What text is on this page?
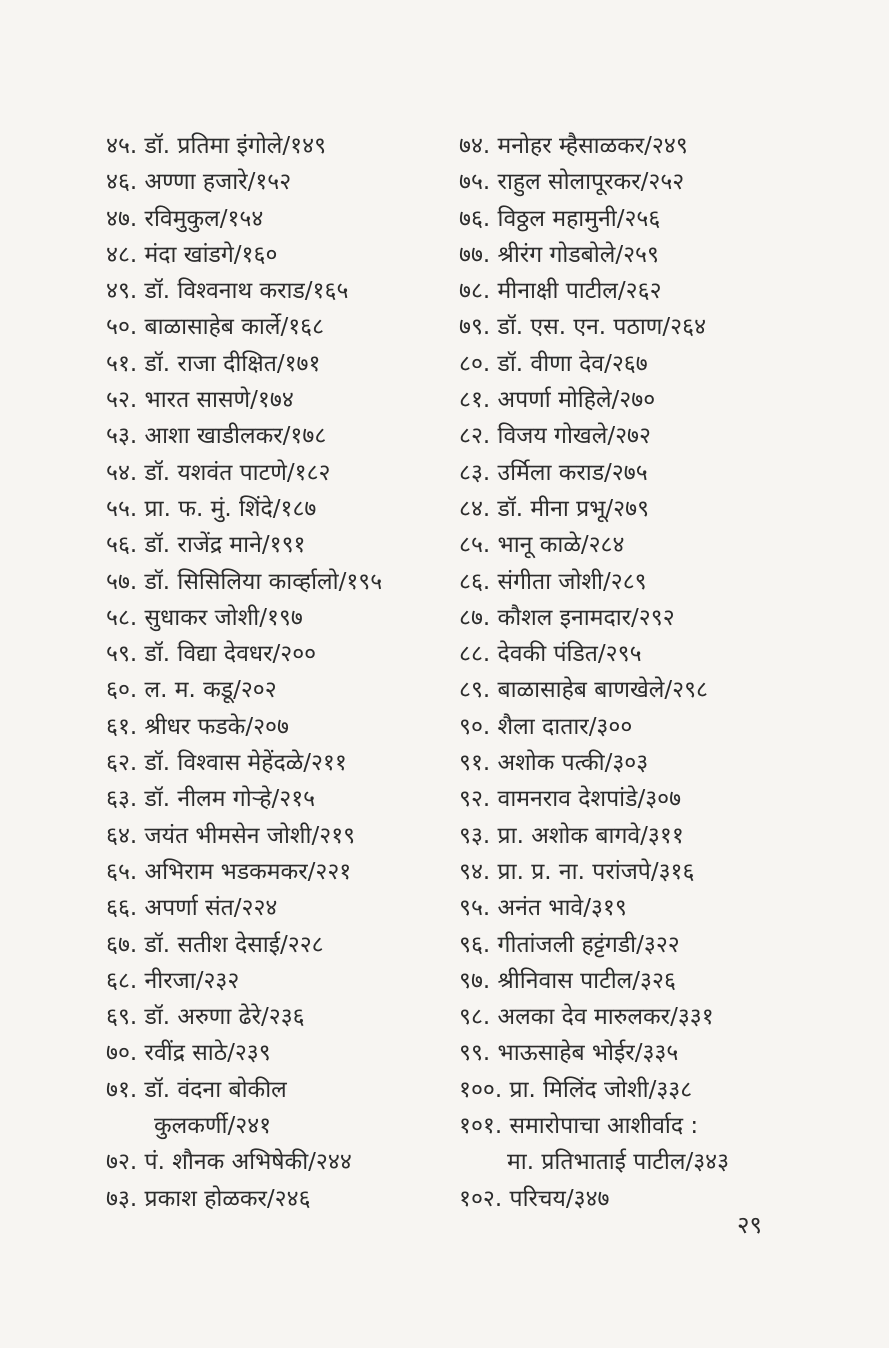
४५. डॉ. प्रतिमा इंगोले/१४९
४६. अण्णा हजारे/१५२
४७. रविमुकुल/१५४
४८. मंदा खांडगे/१६०
४९. डॉ. विश्वनाथ कराड/१६५
५०. बाळासाहेब कार्ले/१६८
५१. डॉ. राजा दीक्षित/१७१
५२. भारत सासणे/१७४
५३. आशा खाडीलकर/१७८
५४. डॉ. यशवंत पाटणे/१८२
५५. प्रा. फ. मुं. शिंदे/१८७
५६. डॉ. राजेंद्र माने/१९१
५७. डॉ. सिसिलिया कार्व्हालो/१९५
५८. सुधाकर जोशी/१९७
५९. डॉ. विद्या देवधर/२००
६०. ल. म. कडू/२०२
६१. श्रीधर फडके/२०७
६२. डॉ. विश्वास मेहेंदळे/२११
६३. डॉ. नीलम गोऱ्हे/२१५
६४. जयंत भीमसेन जोशी/२१९
६५. अभिराम भडकमकर/२२१
६६. अपर्णा संत/२२४
६७. डॉ. सतीश देसाई/२२८
६८. नीरजा/२३२
६९. डॉ. अरुणा ढेरे/२३६
७०. रवींद्र साठे/२३९
७१. डॉ. वंदना बोकील
कुलकर्णी/२४१
७२. पं. शौनक अभिषेकी/२४४
७३. प्रकाश होळकर/२४६
७४. मनोहर म्हैसाळकर/२४९
७५. राहुल सोलापूरकर/२५२
७६. विठ्ठल महामुनी/२५६
७७. श्रीरंग गोडबोले/२५९
७८. मीनाक्षी पाटील/२६२
७९. डॉ. एस. एन. पठाण/२६४
८०. डॉ. वीणा देव/२६७
८१. अपर्णा मोहिले/२७०
८२. विजय गोखले/२७२
८३. उर्मिला कराड/२७५
८४. डॉ. मीना प्रभू/२७९
८५. भानू काळे/२८४
८६. संगीता जोशी/२८९
८७. कौशल इनामदार/२९२
८८. देवकी पंडित/२९५
८९. बाळासाहेब बाणखेले/२९८
९०. शैला दातार/३००
९१. अशोक पत्की/३०३
९२. वामनराव देशपांडे/३०७
९३. प्रा. अशोक बागवे/३११
९४. प्रा. प्र. ना. परांजपे/३१६
९५. अनंत भावे/३१९
९६. गीतांजली हट्टंगडी/३२२
९७. श्रीनिवास पाटील/३२६
९८. अलका देव मारुलकर/३३१
९९. भाऊसाहेब भोईर/३३५
१००. प्रा. मिलिंद जोशी/३३८
१०१. समारोपाचा आशीर्वाद :
मा. प्रतिभाताई पाटील/३४३
१०२. परिचय/३४७
२९
